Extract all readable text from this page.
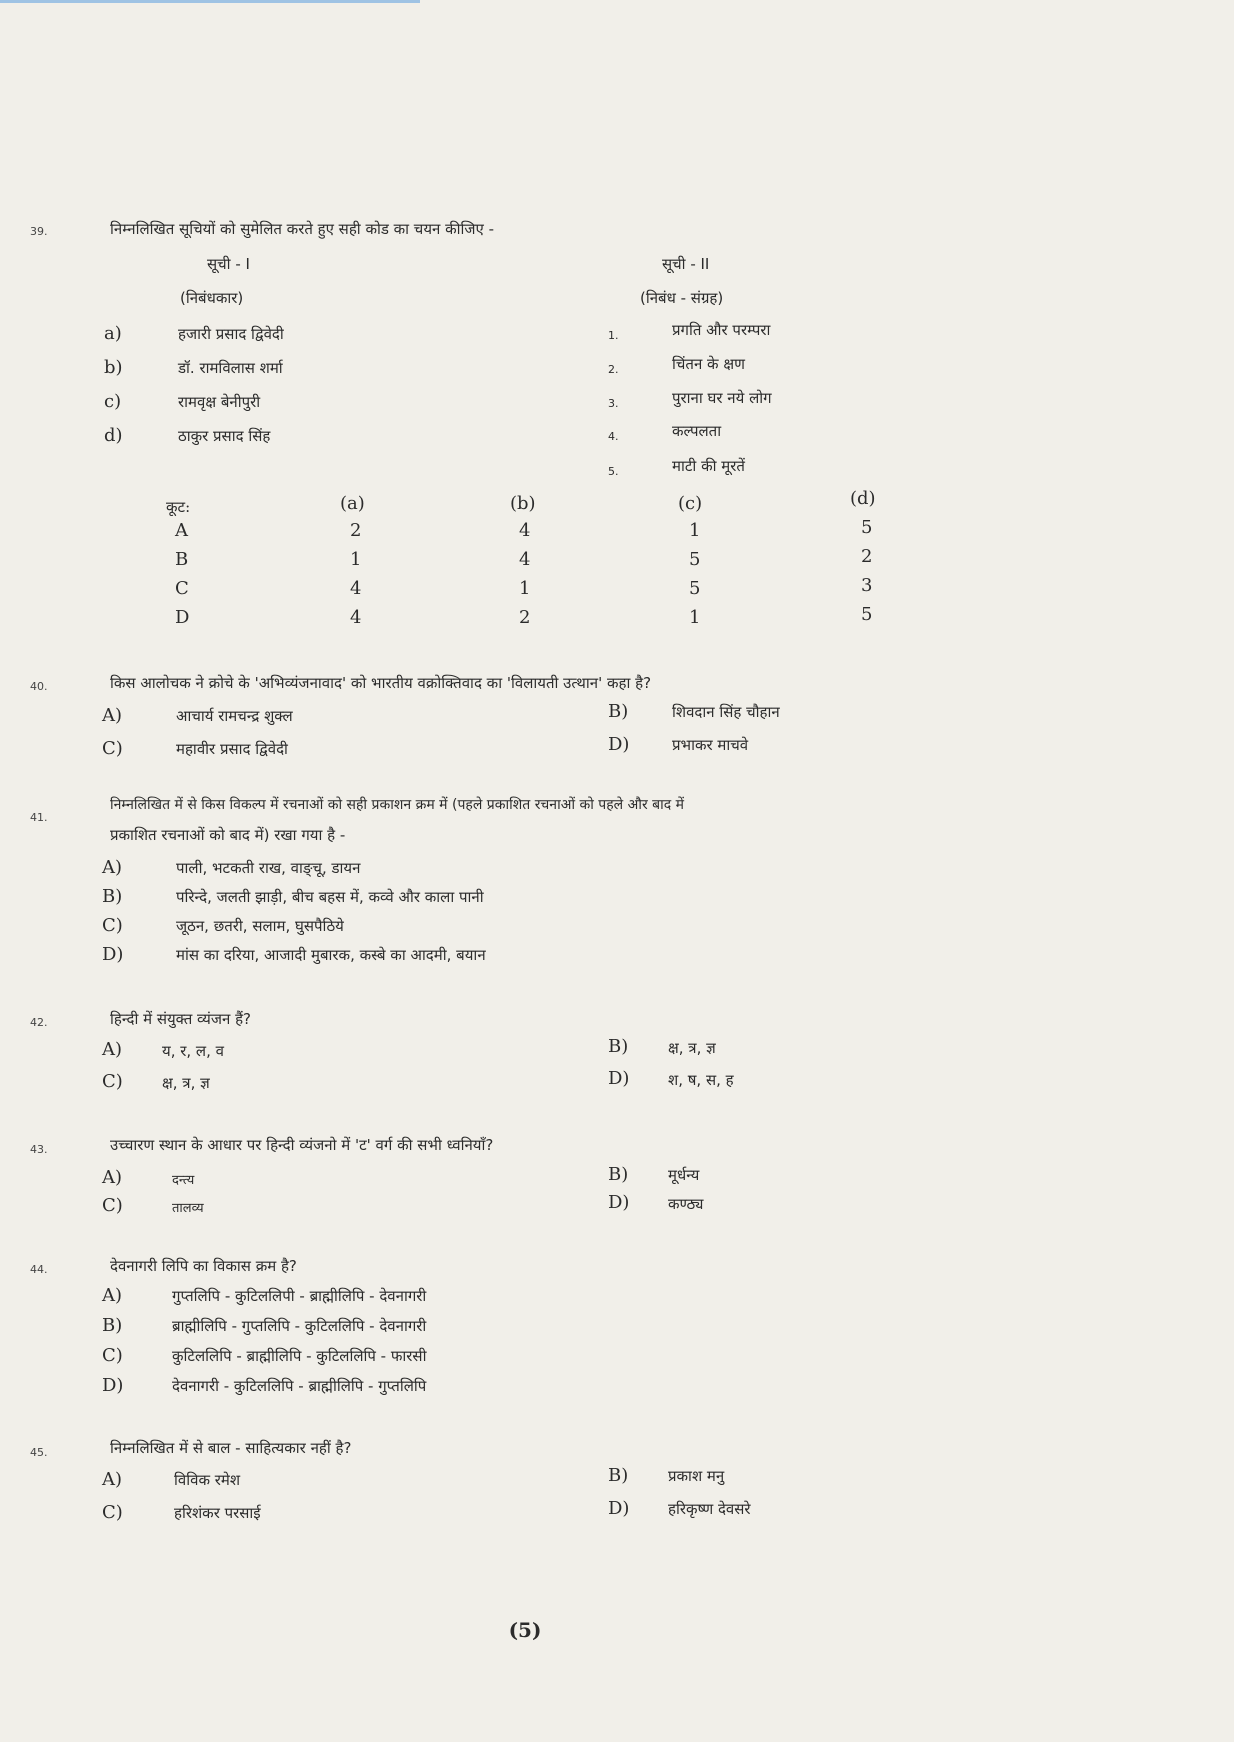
39.	निम्नलिखित सूचियों को सुमेलित करते हुए सही कोड का चयन कीजिए -
सूची - I
(निबंधकार)
सूची - II
(निबंध - संग्रह)
a)	हजारी प्रसाद द्विवेदी
b)	डॉ. रामविलास शर्मा
c)	रामवृक्ष बेनीपुरी
d)	ठाकुर प्रसाद सिंह
1.	प्रगति और परम्परा
2.	चिंतन के क्षण
3.	पुराना घर नये लोग
4.	कल्पलता
5.	माटी की मूरतें
कूट:	(a)	(b)	(c)	(d)
A	2	4	1	5
B	1	4	5	2
C	4	1	5	3
D	4	2	1	5
40.	किस आलोचक ने क्रोचे के 'अभिव्यंजनावाद' को भारतीय वक्रोक्तिवाद का 'विलायती उत्थान' कहा है?
A)	आचार्य रामचन्द्र शुक्ल	B)	शिवदान सिंह चौहान
C)	महावीर प्रसाद द्विवेदी	D)	प्रभाकर माचवे
41.
निम्नलिखित में से किस विकल्प में रचनाओं को सही प्रकाशन क्रम में (पहले प्रकाशित रचनाओं को पहले और बाद में
प्रकाशित रचनाओं को बाद में) रखा गया है -
A)	पाली, भटकती राख, वाङ्चू, डायन
B)	परिन्दे, जलती झाड़ी, बीच बहस में, कव्वे और काला पानी
C)	जूठन, छतरी, सलाम, घुसपैठिये
D)	मांस का दरिया, आजादी मुबारक, कस्बे का आदमी, बयान
42.	हिन्दी में संयुक्त व्यंजन हैं?
A)	य, र, ल, व	B)	क्ष, त्र, ज्ञ
C)	क्ष, त्र, ज्ञ	D)	श, ष, स, ह
43.	उच्चारण स्थान के आधार पर हिन्दी व्यंजनो में 'ट' वर्ग की सभी ध्वनियाँ?
A)	दन्त्य	B)	मूर्धन्य
C)	तालव्य	D)	कण्ठ्य
44.	देवनागरी लिपि का विकास क्रम है?
A)	गुप्तलिपि - कुटिललिपी - ब्राह्मीलिपि - देवनागरी
B)	ब्राह्मीलिपि - गुप्तलिपि - कुटिललिपि - देवनागरी
C)	कुटिललिपि - ब्राह्मीलिपि - कुटिललिपि - फारसी
D)	देवनागरी - कुटिललिपि - ब्राह्मीलिपि - गुप्तलिपि
45.	निम्नलिखित में से बाल - साहित्यकार नहीं है?
A)	विविक रमेश	B)	प्रकाश मनु
C)	हरिशंकर परसाई	D)	हरिकृष्ण देवसरे
(5)
